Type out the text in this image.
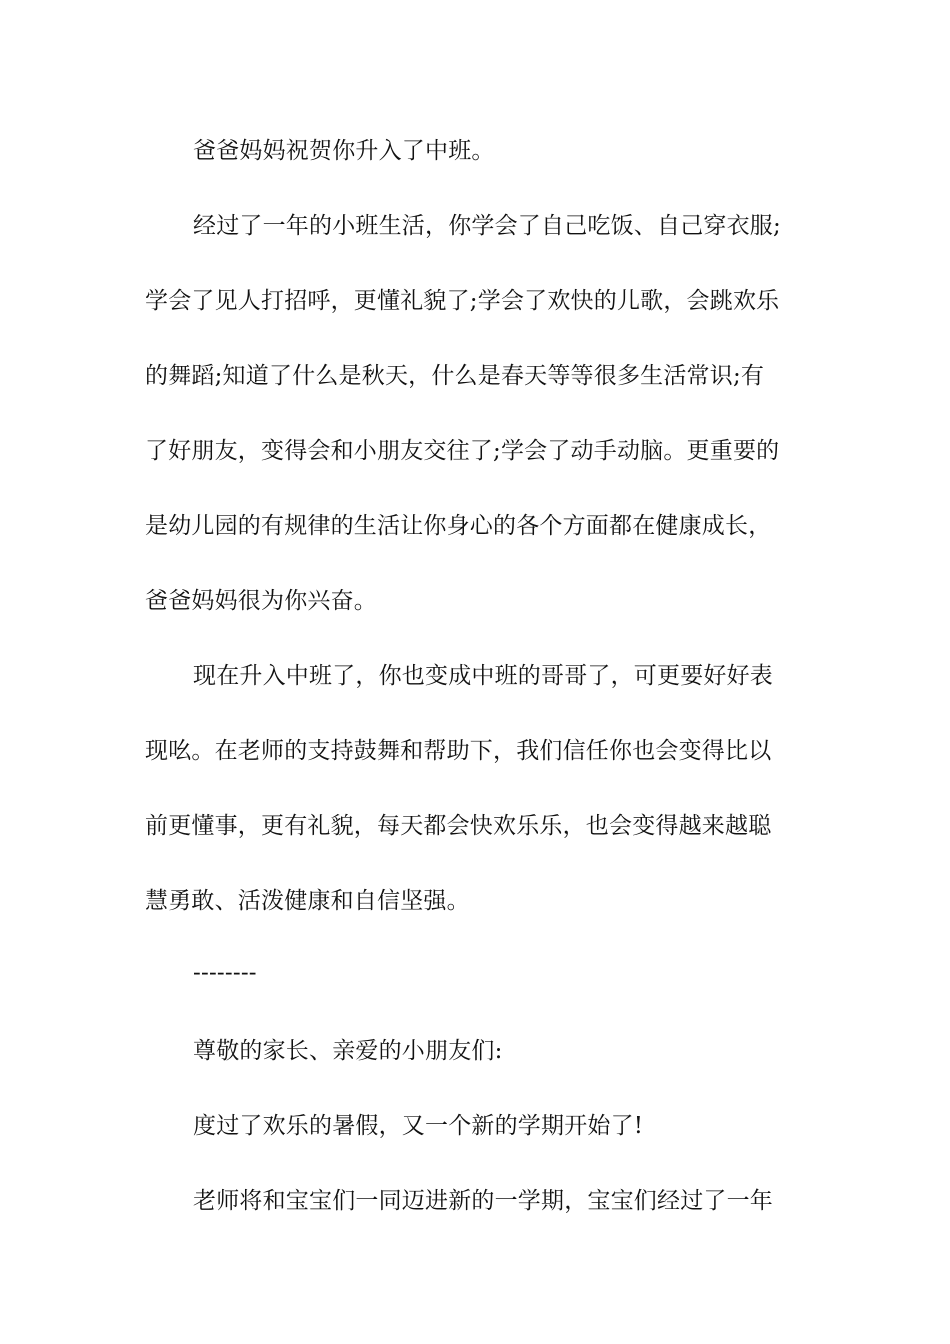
爸爸妈妈祝贺你升入了中班。
经过了一年的小班生活，你学会了自己吃饭、自己穿衣服;
学会了见人打招呼，更懂礼貌了;学会了欢快的儿歌，会跳欢乐
的舞蹈;知道了什么是秋天，什么是春天等等很多生活常识;有
了好朋友，变得会和小朋友交往了;学会了动手动脑。更重要的
是幼儿园的有规律的生活让你身心的各个方面都在健康成长，
爸爸妈妈很为你兴奋。
现在升入中班了，你也变成中班的哥哥了，可更要好好表
现吆。在老师的支持鼓舞和帮助下，我们信任你也会变得比以
前更懂事，更有礼貌，每天都会快欢乐乐，也会变得越来越聪
慧勇敢、活泼健康和自信坚强。
--------
尊敬的家长、亲爱的小朋友们:
度过了欢乐的暑假，又一个新的学期开始了!
老师将和宝宝们一同迈进新的一学期，宝宝们经过了一年
